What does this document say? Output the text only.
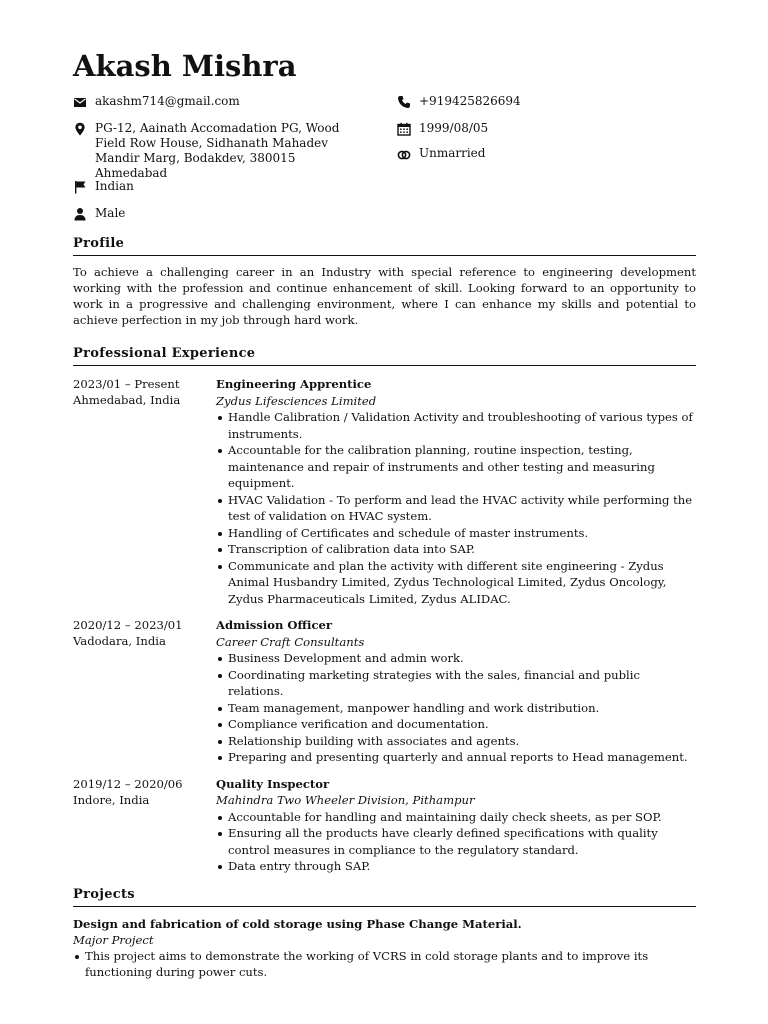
Akash Mishra
akashm714@gmail.com	+919425826694
PG-12, Aainath Accomadation PG, Wood Field Row House, Sidhanath Mahadev Mandir Marg, Bodakdev, 380015 Ahmedabad
1999/08/05
Unmarried
Indian
Male
Profile

To achieve a challenging career in an Industry with special reference to engineering development working with the profession and continue enhancement of skill. Looking forward to an opportunity to work in a progressive and challenging environment, where I can enhance my skills and potential to achieve perfection in my job through hard work.

Professional Experience
2023/01 – Present
Ahmedabad, India
Engineering Apprentice
Zydus Lifesciences Limited
Handle Calibration / Validation Activity and troubleshooting of various types of instruments.
Accountable for the calibration planning, routine inspection, testing, maintenance and repair of instruments and other testing and measuring equipment.
HVAC Validation - To perform and lead the HVAC activity while performing the test of validation on HVAC system.
Handling of Certificates and schedule of master instruments.
Transcription of calibration data into SAP.
Communicate and plan the activity with different site engineering - Zydus Animal Husbandry Limited, Zydus Technological Limited, Zydus Oncology, Zydus Pharmaceuticals Limited, Zydus ALIDAC.
2020/12 – 2023/01
Vadodara, India
Admission Officer
Career Craft Consultants
Business Development and admin work.
Coordinating marketing strategies with the sales, financial and public relations.
Team management, manpower handling and work distribution.
Compliance verification and documentation.
Relationship building with associates and agents.
Preparing and presenting quarterly and annual reports to Head management.
2019/12 – 2020/06
Indore, India
Quality Inspector
Mahindra Two Wheeler Division, Pithampur
Accountable for handling and maintaining daily check sheets, as per SOP.
Ensuring all the products have clearly defined specifications with quality control measures in compliance to the regulatory standard.
Data entry through SAP.
Projects
Design and fabrication of cold storage using Phase Change Material.
Major Project
This project aims to demonstrate the working of VCRS in cold storage plants and to improve its functioning during power cuts.
